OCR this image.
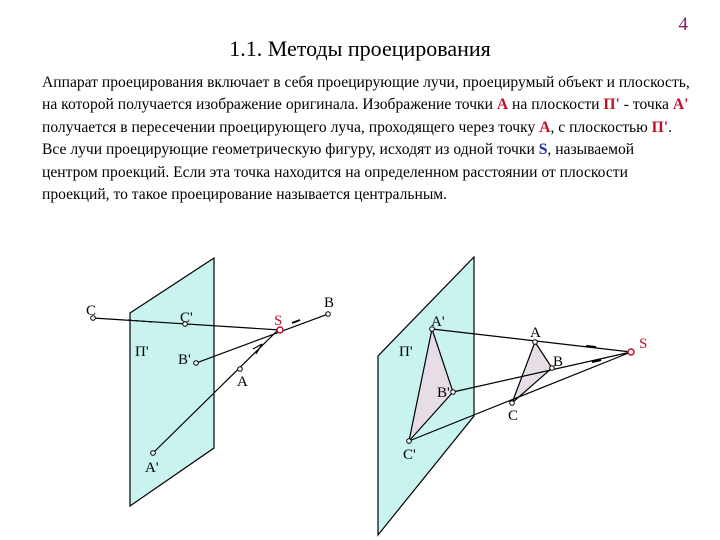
4
1.1. Методы проецирования
Аппарат проецирования включает в себя проецирующие лучи, проецирумый объект и плоскость, на которой получается изображение оригинала. Изображение точки A на плоскости П' - точка A' получается в пересечении проецирующего луча, проходящего через точку A, с плоскостью П'. Все лучи проецирующие геометрическую фигуру, исходят из одной точки S, называемой центром проекций. Если эта точка находится на определенном расстоянии от плоскости проекций, то такое проецирование называется центральным.
C	C'	S
B
B'
A
A'
П'
A'
B'
C'
A
B
C
S
П'
